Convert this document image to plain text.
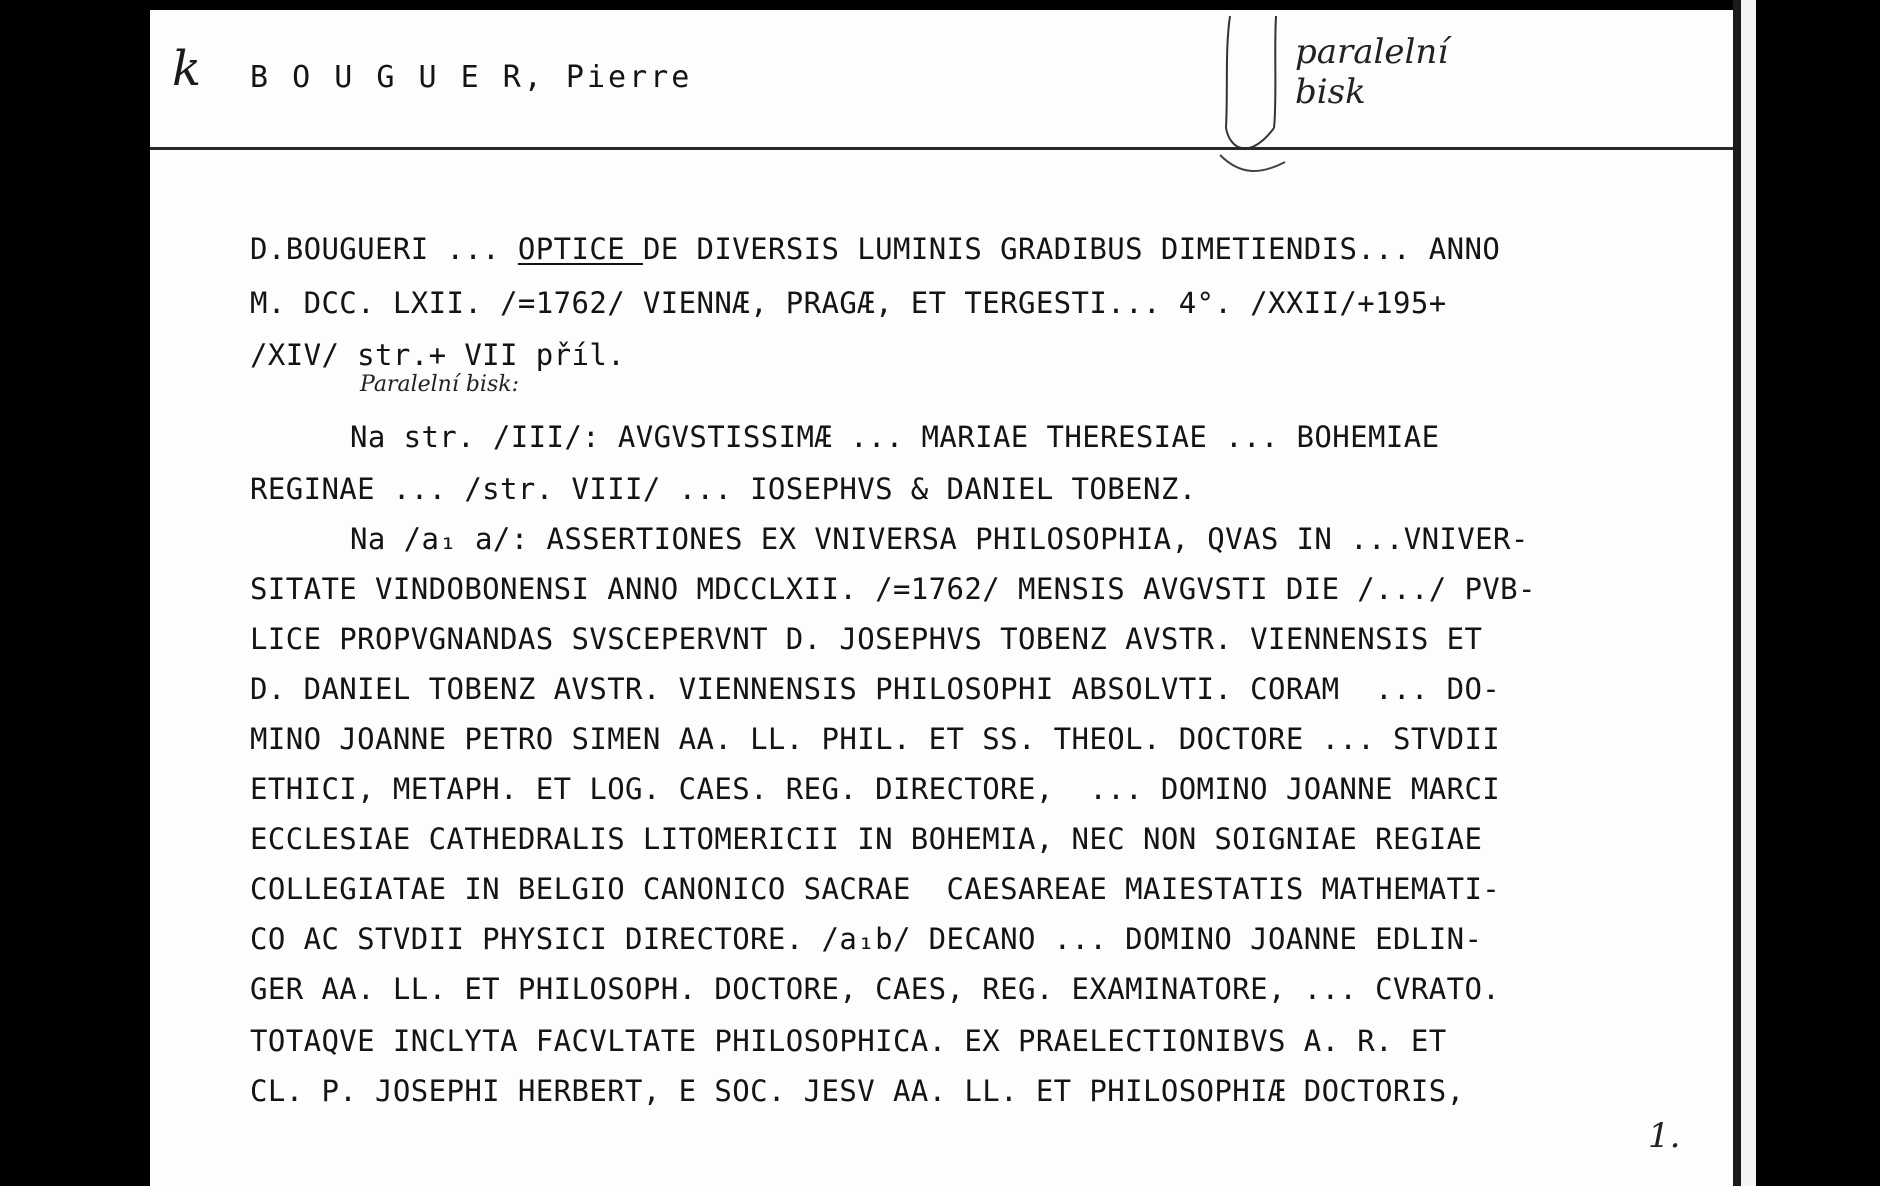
k B O U G U E R, Pierre
paralelní
bisk
D.BOUGUERI ... OPTICE DE DIVERSIS LUMINIS GRADIBUS DIMETIENDIS... ANNO
M. DCC. LXII. /=1762/ VIENNÆ, PRAGÆ, ET TERGESTI... 4°. /XXII/+195+
/XIV/ str.+ VII příl.
Na str. /III/: AVGVSTISSIMÆ ... MARIAE THERESIAE ... BOHEMIAE
REGINAE ... /str. VIII/ ... IOSEPHVS & DANIEL TOBENZ.
Na /a₁ a/: ASSERTIONES EX VNIVERSA PHILOSOPHIA, QVAS IN ...VNIVER-
SITATE VINDOBONENSI ANNO MDCCLXII. /=1762/ MENSIS AVGVSTI DIE /.../ PVB-
LICE PROPVGNANDAS SVSCEPERVNT D. JOSEPHVS TOBENZ AVSTR. VIENNENSIS ET
D. DANIEL TOBENZ AVSTR. VIENNENSIS PHILOSOPHI ABSOLVTI. CORAM  ... DO-
MINO JOANNE PETRO SIMEN AA. LL. PHIL. ET SS. THEOL. DOCTORE ... STVDII
ETHICI, METAPH. ET LOG. CAES. REG. DIRECTORE,  ... DOMINO JOANNE MARCI
ECCLESIAE CATHEDRALIS LITOMERICII IN BOHEMIA, NEC NON SOIGNIAE REGIAE
COLLEGIATAE IN BELGIO CANONICO SACRAE  CAESAREAE MAIESTATIS MATHEMATI-
CO AC STVDII PHYSICI DIRECTORE. /a₁b/ DECANO ... DOMINO JOANNE EDLIN-
GER AA. LL. ET PHILOSOPH. DOCTORE, CAES, REG. EXAMINATORE, ... CVRATO.
TOTAQVE INCLYTA FACVLTATE PHILOSOPHICA. EX PRAELECTIONIBVS A. R. ET
CL. P. JOSEPHI HERBERT, E SOC. JESV AA. LL. ET PHILOSOPHIÆ DOCTORIS,
Paralelní bisk:
1.
